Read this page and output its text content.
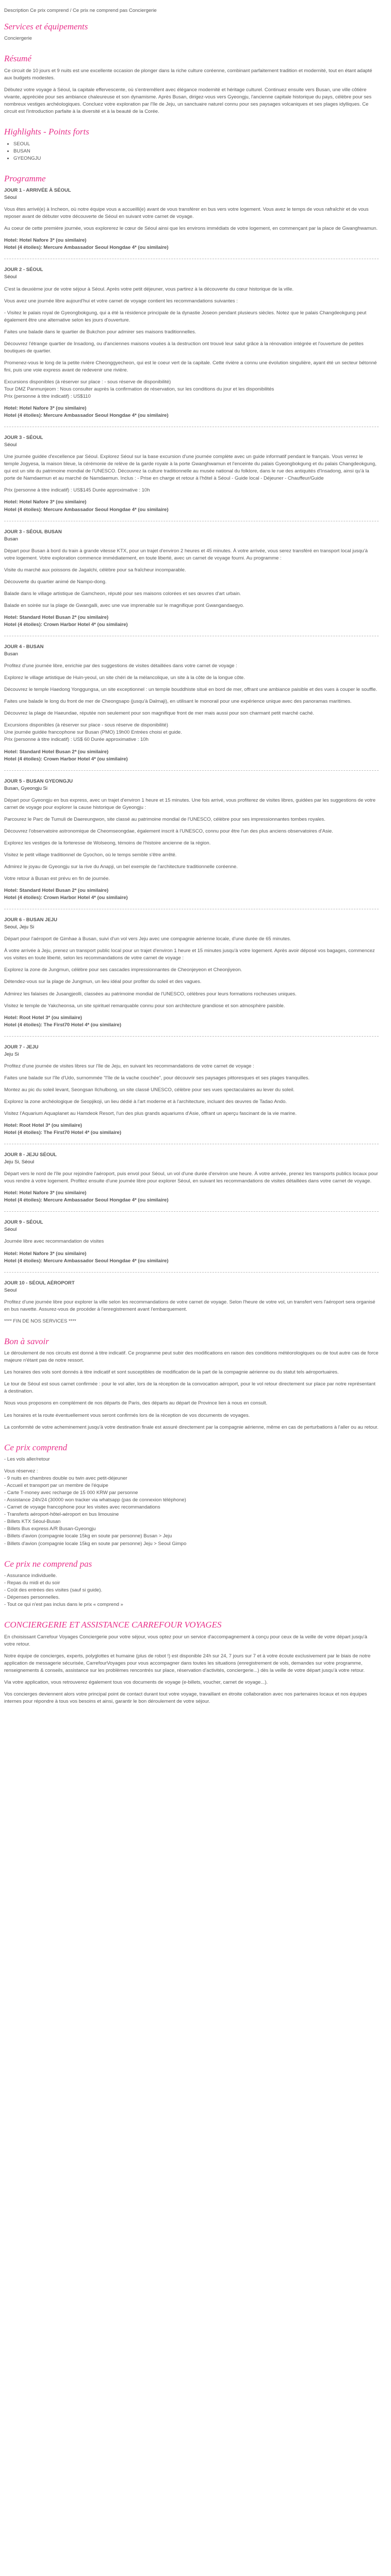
Description Ce prix comprend / Ce prix ne comprend pas Conciergerie
Services et équipements

Conciergerie

Résumé

Ce circuit de 10 jours et 9 nuits est une excellente occasion de plonger dans la riche culture coréenne, combinant parfaitement tradition et modernité, tout en étant adapté aux budgets modestes.

Débutez votre voyage à Séoul, la capitale effervescente, où s'entremêlent avec élégance modernité et héritage culturel. Continuez ensuite vers Busan, une ville côtière vivante, appréciée pour ses ambiance chaleureuse et son dynamisme. Après Busan, dirigez-vous vers Gyeongju, l'ancienne capitale historique du pays, célèbre pour ses nombreux vestiges archéologiques. Concluez votre exploration par l'île de Jeju, un sanctuaire naturel connu pour ses paysages volcaniques et ses plages idylliques. Ce circuit est l'introduction parfaite à la diversité et à la beauté de la Corée.

Highlights - Points forts
• SEOUL
• BUSAN
• GYEONGJU
Programme
JOUR 1 - ARRIVÉE À SÉOUL
Séoul

Vous êtes arrivé(e) à Incheon, où notre équipe vous a accueilli(e) avant de vous transférer en bus vers votre logement. Vous avez le temps de vous rafraîchir et de vous reposer avant de débuter votre découverte de Séoul en suivant votre carnet de voyage.

Au coeur de cette première journée, vous explorerez le cœur de Séoul ainsi que les environs immédiats de votre logement, en commençant par la place de Gwanghwamun.

Hotel: Hotel Nafore 3* (ou similaire)
Hotel (4 étoiles): Mercure Ambassador Seoul Hongdae 4* (ou similaire)
JOUR 2 - SÉOUL
Séoul

C'est la deuxième jour de votre séjour à Séoul. Après votre petit déjeuner, vous partirez à la découverte du cœur historique de la ville.

Vous avez une journée libre aujourd'hui et votre carnet de voyage contient les recommandations suivantes :

- Visitez le palais royal de Gyeongbokgung, qui a été la résidence principale de la dynastie Joseon pendant plusieurs siècles. Notez que le palais Changdeokgung peut également être une alternative selon les jours d'ouverture.

Faites une balade dans le quartier de Bukchon pour admirer ses maisons traditionnelles.

Découvrez l'étrange quartier de Insadong, ou d'anciennes maisons vouées à la destruction ont trouvé leur salut grâce à la rénovation intégrée et l'ouverture de petites boutiques de quartier.

Promenez-vous le long de la petite rivière Cheonggyecheon, qui est le coeur vert de la capitale. Cette rivière a connu une évolution singulière, ayant été un secteur bétonné fini, puis une voie express avant de redevenir une rivière.

Excursions disponibles (à réserver sur place : - sous réserve de disponibilité)

Tour DMZ Panmunjeom : Nous consulter auprès la confirmation de réservation, sur les conditions du jour et les disponibilités

Prix (personne à titre indicatif) : US$110

Hotel: Hotel Nafore 3* (ou similaire)
Hotel (4 étoiles): Mercure Ambassador Seoul Hongdae 4* (ou similaire)
JOUR 3 - SÉOUL
Séoul

Une journée guidée d'excellence par Séoul. Explorez Séoul sur la base excursion d'une journée complète avec un guide informatif pendant le français. Vous verrez le temple Jogyesa, la maison bleue, la cérémonie de relève de la garde royale à la porte Gwanghwamun et l'enceinte du palais Gyeongbokgung et du palais Changdeokgung, qui est un site du patrimoine mondial de l'UNESCO. Découvrez la culture traditionnelle au musée national du folklore, dans le rue des antiquités d'Insadong, ainsi qu'à la porte de Namdaemun et au marché de Namdaemun. Inclus : - Prise en charge et retour à l'hôtel à Séoul - Guide local - Déjeuner - Chauffeur/Guide

Prix (personne à titre indicatif) : US$145 Durée approximative : 10h

Hotel: Hotel Nafore 3* (ou similaire)
Hotel (4 étoiles): Mercure Ambassador Seoul Hongdae 4* (ou similaire)
JOUR 3 - SÉOUL BUSAN
Busan

Départ pour Busan à bord du train à grande vitesse KTX, pour un trajet d'environ 2 heures et 45 minutes. À votre arrivée, vous serez transféré en transport local jusqu'à votre logement. Votre exploration commence immédiatement, en toute liberté, avec un carnet de voyage fourni. Au programme :

Visite du marché aux poissons de Jagalchi, célèbre pour sa fraîcheur incomparable.

Découverte du quartier animé de Nampo-dong.

Balade dans le village artistique de Gamcheon, réputé pour ses maisons colorées et ses œuvres d'art urbain.

Balade en soirée sur la plage de Gwangalli, avec une vue imprenable sur le magnifique pont Gwangandaegyo.

Hotel: Standard Hotel Busan 2* (ou similaire)
Hotel (4 étoiles): Crown Harbor Hotel 4* (ou similaire)
JOUR 4 - BUSAN
Busan

Profitez d'une journée libre, enrichie par des suggestions de visites détaillées dans votre carnet de voyage :

Explorez le village artistique de Huin-yeoul, un site chéri de la mélancolique, un site à la côte de la longue côte.

Découvrez le temple Haedong Yonggungsa, un site exceptionnel : un temple bouddhiste situé en bord de mer, offrant une ambiance paisible et des vues à couper le souffle.

Faites une balade le long du front de mer de Cheongsapo (jusqu'à Dalmaji), en utilisant le monorail pour une expérience unique avec des panoramas maritimes.

Découvrez la plage de Haeundae, réputée non seulement pour son magnifique front de mer mais aussi pour son charmant petit marché caché.

Excursions disponibles (à réserver sur place - sous réserve de disponibilité)

Une journée guidée francophone sur Busan (PMO) 19h00 Entrées choisi et guide.

Prix (personne à titre indicatif) : US$ 60 Durée approximative : 10h

Hotel: Standard Hotel Busan 2* (ou similaire)
Hotel (4 étoiles): Crown Harbor Hotel 4* (ou similaire)
JOUR 5 - BUSAN GYEONGJU
Busan, Gyeongju Si

Départ pour Gyeongju en bus express, avec un trajet d'environ 1 heure et 15 minutes. Une fois arrivé, vous profiterez de visites libres, guidées par les suggestions de votre carnet de voyage pour explorer la cause historique de Gyeongju :

Parcourez le Parc de Tumuli de Daereungwon, site classé au patrimoine mondial de l'UNESCO, célèbre pour ses impressionnantes tombes royales.

Découvrez l'observatoire astronomique de Cheomseongdae, également inscrit à l'UNESCO, connu pour être l'un des plus anciens observatoires d'Asie.

Explorez les vestiges de la forteresse de Wolseong, témoins de l'histoire ancienne de la région.

Visitez le petit village traditionnel de Gyochon, où le temps semble s'être arrêté.

Admirez le joyau de Gyeongju sur la rive du Anapji, un bel exemple de l'architecture traditionnelle coréenne.

Votre retour à Busan est prévu en fin de journée.

Hotel: Standard Hotel Busan 2* (ou similaire)
Hotel (4 étoiles): Crown Harbor Hotel 4* (ou similaire)
JOUR 6 - BUSAN JEJU
Seoul, Jeju Si

Départ pour l'aéroport de Gimhae à Busan, suivi d'un vol vers Jeju avec une compagnie aérienne locale, d'une durée de 65 minutes.

À votre arrivée à Jeju, prenez un transport public local pour un trajet d'environ 1 heure et 15 minutes jusqu'à votre logement. Après avoir déposé vos bagages, commencez vos visites en toute liberté, selon les recommandations de votre carnet de voyage :

Explorez la zone de Jungmun, célèbre pour ses cascades impressionnantes de Cheonjeyeon et Cheonjiyeon.

Détendez-vous sur la plage de Jungmun, un lieu idéal pour profiter du soleil et des vagues.

Admirez les falaises de Jusangjeolli, classées au patrimoine mondial de l'UNESCO, célèbres pour leurs formations rocheuses uniques.

Visitez le temple de Yakcheonsa, un site spirituel remarquable connu pour son architecture grandiose et son atmosphère paisible.

Hotel: Root Hotel 3* (ou similaire)
Hotel (4 étoiles): The First70 Hotel 4* (ou similaire)
JOUR 7 - JEJU
Jeju Si

Profitez d'une journée de visites libres sur l'île de Jeju, en suivant les recommandations de votre carnet de voyage :

Faites une balade sur l'île d'Udo, surnommée "l'île de la vache couchée", pour découvrir ses paysages pittoresques et ses plages tranquilles.

Montez au pic du soleil levant, Seongsan Ilchulbong, un site classé UNESCO, célèbre pour ses vues spectaculaires au lever du soleil.

Explorez la zone archéologique de Seopjikoji, un lieu dédié à l'art moderne et à l'architecture, incluant des œuvres de Tadao Ando.

Visitez l'Aquarium Aquaplanet au Hamdeok Resort, l'un des plus grands aquariums d'Asie, offrant un aperçu fascinant de la vie marine.

Hotel: Root Hotel 3* (ou similaire)
Hotel (4 étoiles): The First70 Hotel 4* (ou similaire)
JOUR 8 - JEJU SÉOUL
Jeju Si, Séoul

Départ vers le nord de l'île pour rejoindre l'aéroport, puis envol pour Séoul, un vol d'une durée d'environ une heure. À votre arrivée, prenez les transports publics locaux pour vous rendre à votre logement. Profitez ensuite d'une journée libre pour explorer Séoul, en suivant les recommandations de visites détaillées dans votre carnet de voyage.

Hotel: Hotel Nafore 3* (ou similaire)
Hotel (4 étoiles): Mercure Ambassador Seoul Hongdae 4* (ou similaire)
JOUR 9 - SÉOUL
Séoul

Journée libre avec recommandation de visites

Hotel: Hotel Nafore 3* (ou similaire)
Hotel (4 étoiles): Mercure Ambassador Seoul Hongdae 4* (ou similaire)
JOUR 10 - SÉOUL AÉROPORT
Seoul

Profitez d'une journée libre pour explorer la ville selon les recommandations de votre carnet de voyage. Selon l'heure de votre vol, un transfert vers l'aéroport sera organisé en bus navette. Assurez-vous de procéder à l'enregistrement avant l'embarquement.

**** FIN DE NOS SERVICES ****

Bon à savoir

Le déroulement de nos circuits est donné à titre indicatif. Ce programme peut subir des modifications en raison des conditions météorologiques ou de tout autre cas de force majeure n'étant pas de notre ressort.

Les horaires des vols sont donnés à titre indicatif et sont susceptibles de modification de la part de la compagnie aérienne ou du statut tels aéroportuaires.

Le tour de Séoul est sous carnet confirmée : pour le vol aller, lors de la réception de la convocation aéroport, pour le vol retour directement sur place par notre représentant à destination.

Nous vous proposons en complément de nos départs de Paris, des départs au départ de Province lien à nous en consult.

Les horaires et la route éventuellement vous seront confirmés lors de la réception de vos documents de voyages.

La conformité de votre acheminement jusqu'à votre destination finale est assuré directement par la compagnie aérienne, même en cas de perturbations à l'aller ou au retour.

Ce prix comprend
- Les vols aller/retour
Vous réservez :
- 9 nuits en chambres double ou twin avec petit-déjeuner
- Accueil et transport par un membre de l'équipe
- Carte T-money avec recharge de 15 000 KRW par personne
- Assistance 24h/24 (30000 won tracker via whatsapp (pas de connexion téléphone)
- Carnet de voyage francophone pour les visites avec recommandations
- Transferts aéroport-hôtel-aéroport en bus limousine
- Billets KTX Séoul-Busan
- Billets Bus express A/R Busan-Gyeongju
- Billets d'avion (compagnie locale 15kg en soute par personne) Busan > Jeju
- Billets d'avion (compagnie locale 15kg en soute par personne) Jeju > Seoul Gimpo
Ce prix ne comprend pas
- Assurance individuelle.
- Repas du midi et du soir
- Coût des entrées des visites (sauf si guide).
- Dépenses personnelles.
- Tout ce qui n'est pas inclus dans le prix « comprend »
CONCIERGERIE ET ASSISTANCE CARREFOUR VOYAGES

En choisissant Carrefour Voyages Conciergerie pour votre séjour, vous optez pour un service d'accompagnement à conçu pour ceux de la veille de votre départ jusqu'à votre retour.

Notre équipe de concierges, experts, polyglottes et humaine (plus de robot !) est disponible 24h sur 24, 7 jours sur 7 et à votre écoute exclusivement par le biais de notre application de messagerie sécurisée, CarrefourVoyages pour vous accompagner dans toutes les situations (enregistrement de vols, demandes sur votre programme, renseignements & conseils, assistance sur les problèmes rencontrés sur place, réservation d'activités, conciergerie...) dès la veille de votre départ jusqu'à votre retour.

Via votre application, vous retrouverez également tous vos documents de voyage (e-billets, voucher, carnet de voyage...).

Vos concierges deviennent alors votre principal point de contact durant tout votre voyage, travaillant en étroite collaboration avec nos partenaires locaux et nos équipes internes pour répondre à tous vos besoins et ainsi, garantir le bon déroulement de votre séjour.
